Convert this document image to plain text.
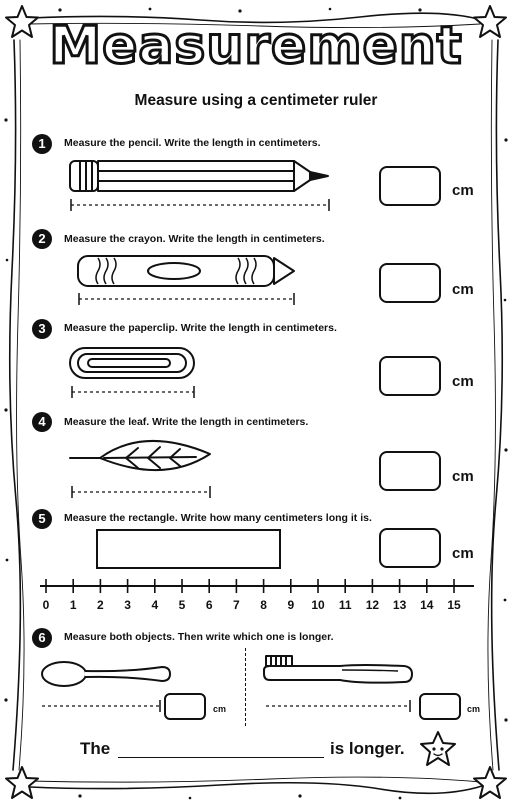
Measurement
Measure using a centimeter ruler
1	Measure the pencil. Write the length in centimeters.
cm
2	Measure the crayon. Write the length in centimeters.
cm
3	Measure the paperclip. Write the length in centimeters.
cm
4	Measure the leaf. Write the length in centimeters.
cm
5	Measure the rectangle. Write how many centimeters long it is.
cm
0	1	2	3	4	5	6	7	8	9	10	11	12	13	14	15
6	Measure both objects. Then write which one is longer.
cm	cm
The	is longer.
